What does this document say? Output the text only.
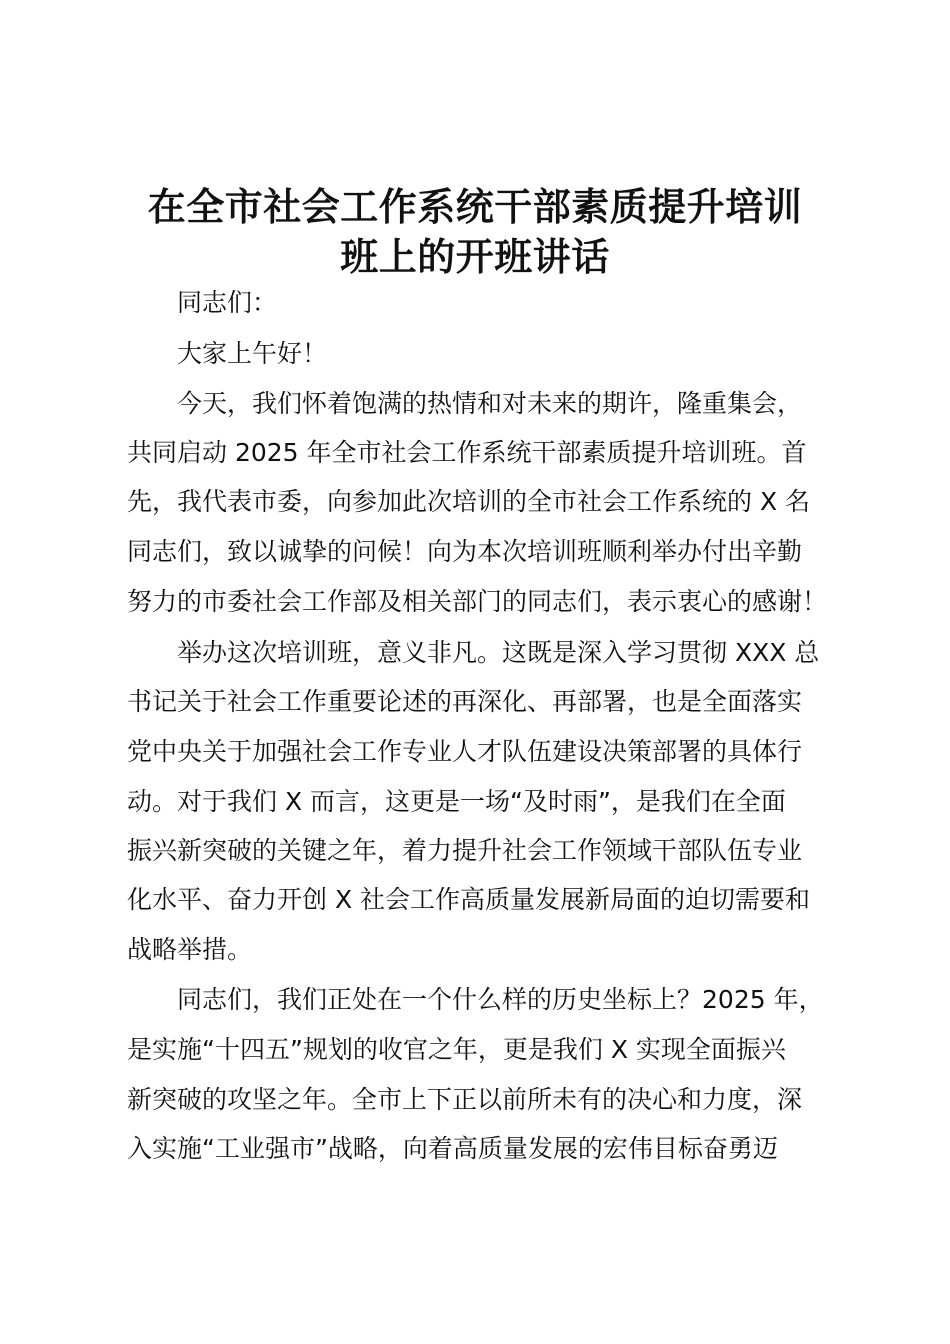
在全市社会工作系统干部素质提升培训
班上的开班讲话
同志们：
大家上午好！
今天，我们怀着饱满的热情和对未来的期许，隆重集会，
共同启动 2025 年全市社会工作系统干部素质提升培训班。首
先，我代表市委，向参加此次培训的全市社会工作系统的 X 名
同志们，致以诚挚的问候！向为本次培训班顺利举办付出辛勤
努力的市委社会工作部及相关部门的同志们，表示衷心的感谢！
举办这次培训班，意义非凡。这既是深入学习贯彻 XXX 总
书记关于社会工作重要论述的再深化、再部署，也是全面落实
党中央关于加强社会工作专业人才队伍建设决策部署的具体行
动。对于我们 X 而言，这更是一场“及时雨”，是我们在全面
振兴新突破的关键之年，着力提升社会工作领域干部队伍专业
化水平、奋力开创 X 社会工作高质量发展新局面的迫切需要和
战略举措。
同志们，我们正处在一个什么样的历史坐标上？2025 年，
是实施“十四五”规划的收官之年，更是我们 X 实现全面振兴
新突破的攻坚之年。全市上下正以前所未有的决心和力度，深
入实施“工业强市”战略，向着高质量发展的宏伟目标奋勇迈
